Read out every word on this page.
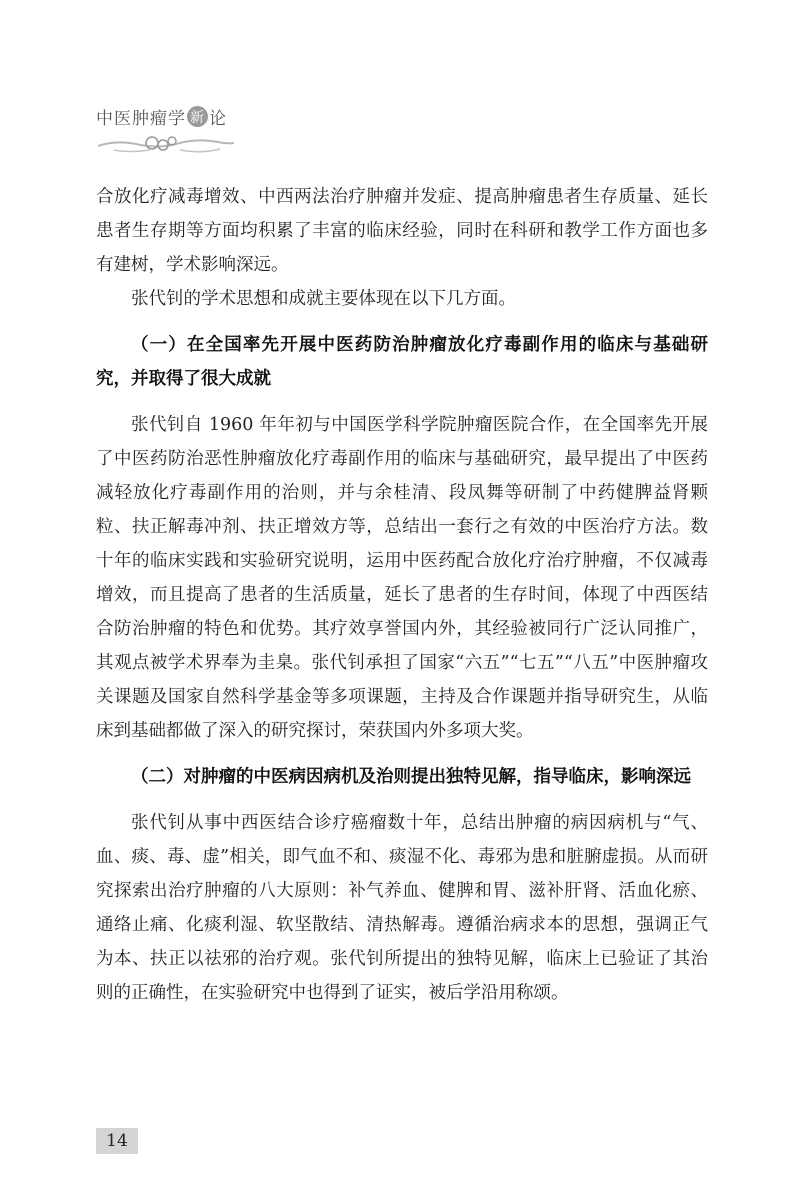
中医肿瘤学 新 论

合放化疗减毒增效、中西两法治疗肿瘤并发症、提高肿瘤患者生存质量、延长患者生存期等方面均积累了丰富的临床经验，同时在科研和教学工作方面也多有建树，学术影响深远。

张代钊的学术思想和成就主要体现在以下几方面。

（一）在全国率先开展中医药防治肿瘤放化疗毒副作用的临床与基础研究，并取得了很大成就

张代钊自 1960 年年初与中国医学科学院肿瘤医院合作，在全国率先开展了中医药防治恶性肿瘤放化疗毒副作用的临床与基础研究，最早提出了中医药减轻放化疗毒副作用的治则，并与余桂清、段凤舞等研制了中药健脾益肾颗粒、扶正解毒冲剂、扶正增效方等，总结出一套行之有效的中医治疗方法。数十年的临床实践和实验研究说明，运用中医药配合放化疗治疗肿瘤，不仅减毒增效，而且提高了患者的生活质量，延长了患者的生存时间，体现了中西医结合防治肿瘤的特色和优势。其疗效享誉国内外，其经验被同行广泛认同推广，其观点被学术界奉为圭臬。张代钊承担了国家“六五”“七五”“八五”中医肿瘤攻关课题及国家自然科学基金等多项课题，主持及合作课题并指导研究生，从临床到基础都做了深入的研究探讨，荣获国内外多项大奖。

（二）对肿瘤的中医病因病机及治则提出独特见解，指导临床，影响深远

张代钊从事中西医结合诊疗癌瘤数十年，总结出肿瘤的病因病机与“气、血、痰、毒、虚”相关，即气血不和、痰湿不化、毒邪为患和脏腑虚损。从而研究探索出治疗肿瘤的八大原则：补气养血、健脾和胃、滋补肝肾、活血化瘀、通络止痛、化痰利湿、软坚散结、清热解毒。遵循治病求本的思想，强调正气为本、扶正以祛邪的治疗观。张代钊所提出的独特见解，临床上已验证了其治则的正确性，在实验研究中也得到了证实，被后学沿用称颂。

14
